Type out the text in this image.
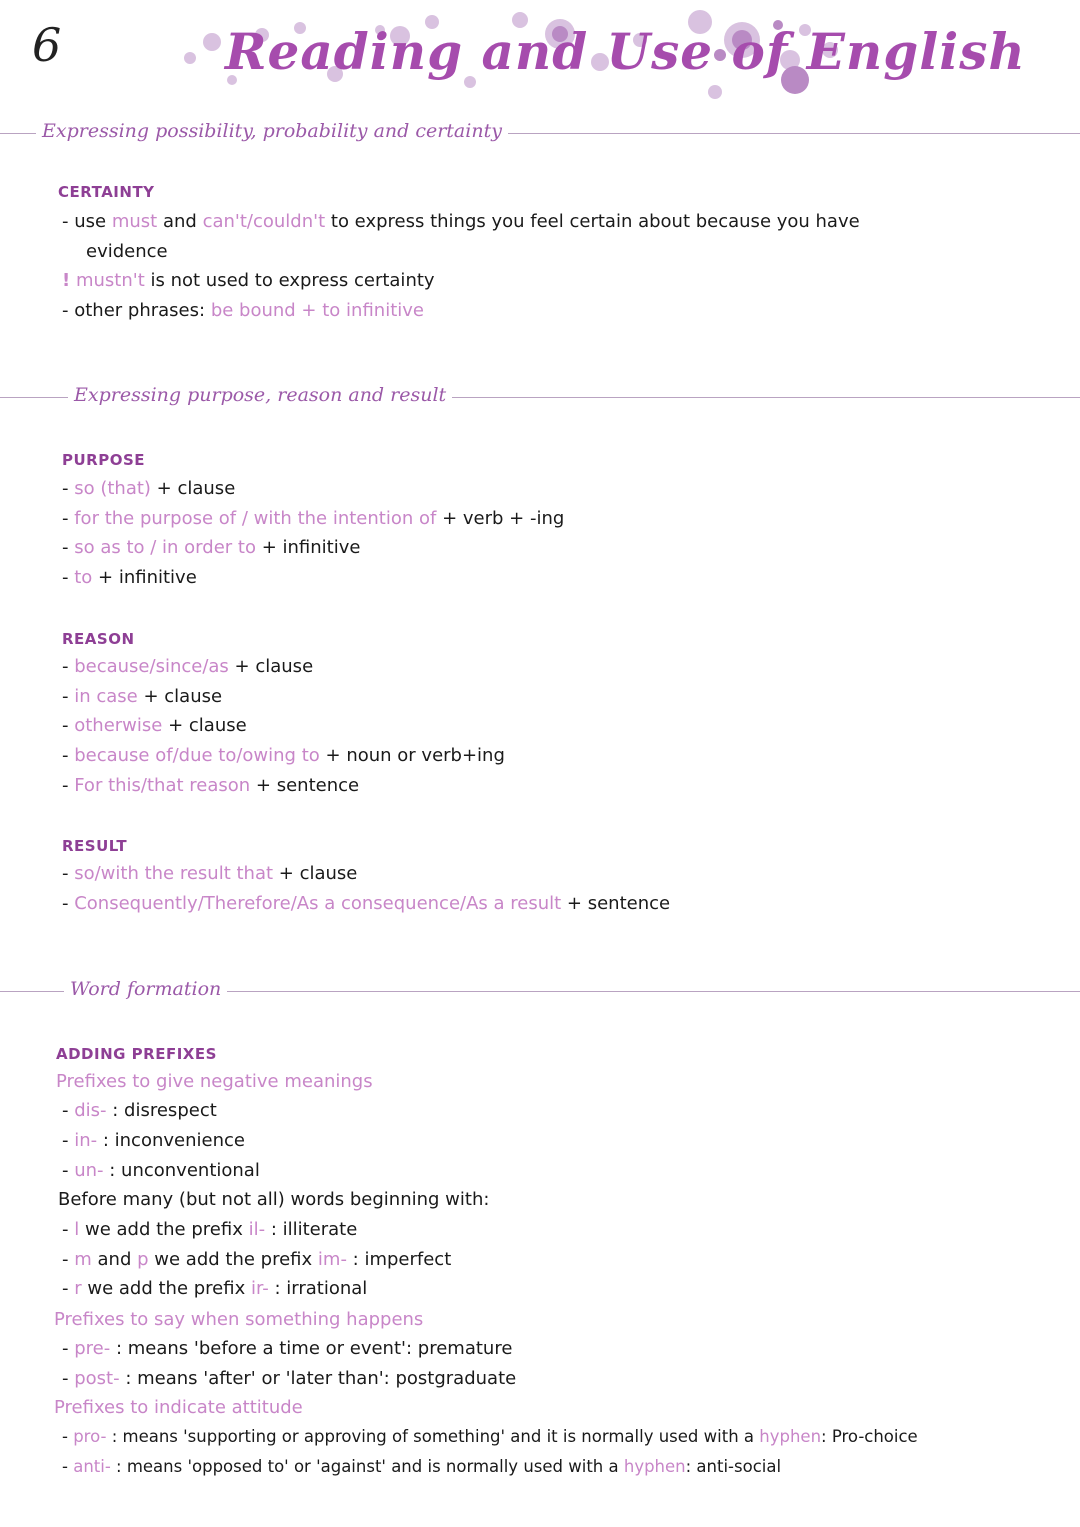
6	Reading and Use of English
Expressing possibility, probability and certainty
CERTAINTY
- use must and can't/couldn't to express things you feel certain about because you have
evidence
! mustn't is not used to express certainty
- other phrases: be bound + to infinitive
Expressing purpose, reason and result
PURPOSE
- so (that) + clause
- for the purpose of / with the intention of + verb + -ing
- so as to / in order to + infinitive
- to + infinitive
REASON
- because/since/as + clause
- in case + clause
- otherwise + clause
- because of/due to/owing to + noun or verb+ing
- For this/that reason + sentence
RESULT
- so/with the result that + clause
- Consequently/Therefore/As a consequence/As a result + sentence
Word formation
ADDING PREFIXES
Prefixes to give negative meanings
- dis- : disrespect
- in- : inconvenience
- un- : unconventional
Before many (but not all) words beginning with:
- l we add the prefix il- : illiterate
- m and p we add the prefix im- : imperfect
- r we add the prefix ir- : irrational
Prefixes to say when something happens
- pre- : means 'before a time or event': premature
- post- : means 'after' or 'later than': postgraduate
Prefixes to indicate attitude
- pro- : means 'supporting or approving of something' and it is normally used with a hyphen: Pro-choice
- anti- : means 'opposed to' or 'against' and is normally used with a hyphen: anti-social
